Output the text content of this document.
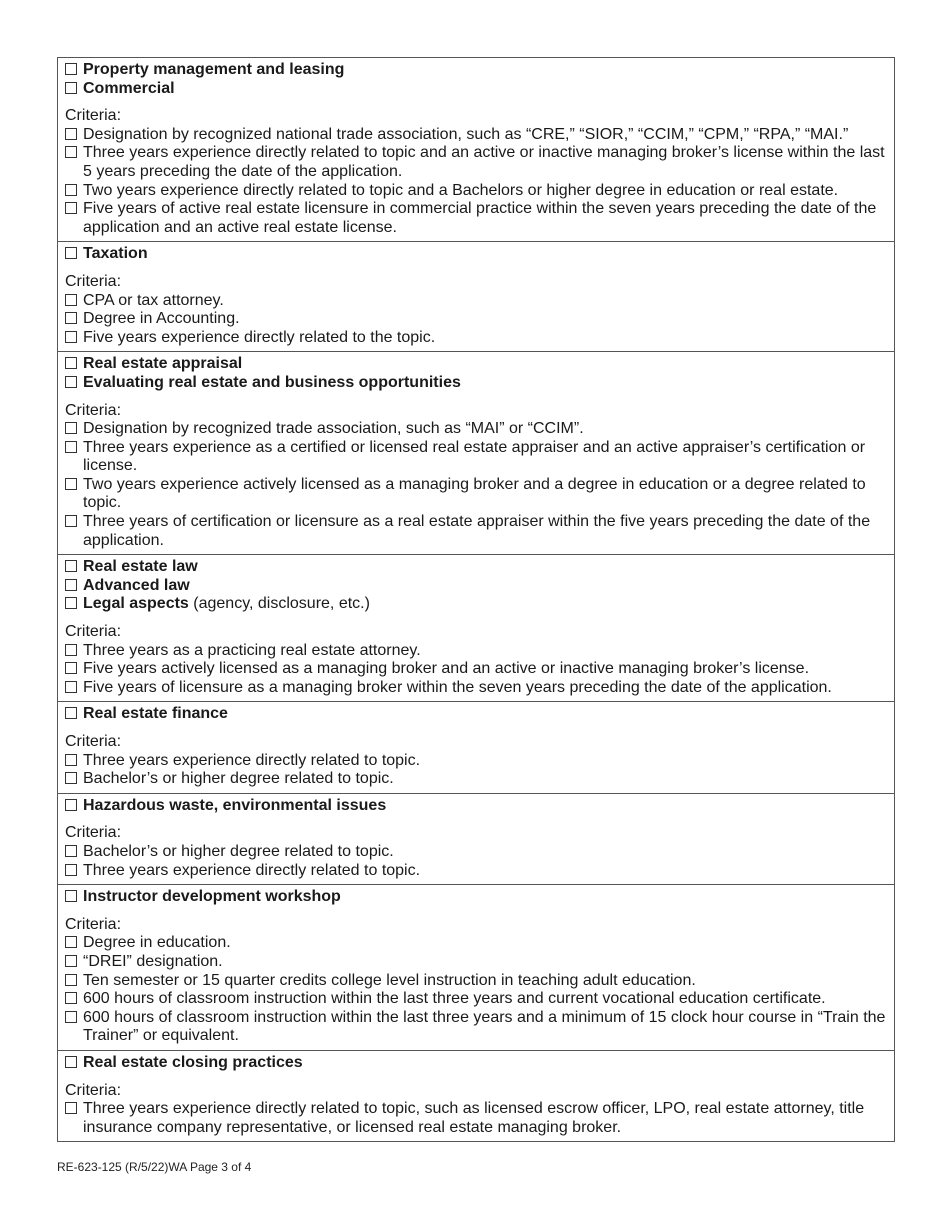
Property management and leasing
Commercial
Criteria:
Designation by recognized national trade association, such as “CRE,” “SIOR,” “CCIM,” “CPM,” “RPA,” “MAI.”
Three years experience directly related to topic and an active or inactive managing broker’s license within the last 5 years preceding the date of the application.
Two years experience directly related to topic and a Bachelors or higher degree in education or real estate.
Five years of active real estate licensure in commercial practice within the seven years preceding the date of the application and an active real estate license.
Taxation
Criteria:
CPA or tax attorney.
Degree in Accounting.
Five years experience directly related to the topic.
Real estate appraisal
Evaluating real estate and business opportunities
Criteria:
Designation by recognized trade association, such as “MAI” or “CCIM”.
Three years experience as a certified or licensed real estate appraiser and an active appraiser’s certification or license.
Two years experience actively licensed as a managing broker and a degree in education or a degree related to topic.
Three years of certification or licensure as a real estate appraiser within the five years preceding the date of the application.
Real estate law
Advanced law
Legal aspects (agency, disclosure, etc.)
Criteria:
Three years as a practicing real estate attorney.
Five years actively licensed as a managing broker and an active or inactive managing broker’s license.
Five years of licensure as a managing broker within the seven years preceding the date of the application.
Real estate finance
Criteria:
Three years experience directly related to topic.
Bachelor’s or higher degree related to topic.
Hazardous waste, environmental issues
Criteria:
Bachelor’s or higher degree related to topic.
Three years experience directly related to topic.
Instructor development workshop
Criteria:
Degree in education.
“DREI” designation.
Ten semester or 15 quarter credits college level instruction in teaching adult education.
600 hours of classroom instruction within the last three years and current vocational education certificate.
600 hours of classroom instruction within the last three years and a minimum of 15 clock hour course in “Train the Trainer” or equivalent.
Real estate closing practices
Criteria:
Three years experience directly related to topic, such as licensed escrow officer, LPO, real estate attorney, title insurance company representative, or licensed real estate managing broker.
RE-623-125 (R/5/22)WA Page 3 of 4
